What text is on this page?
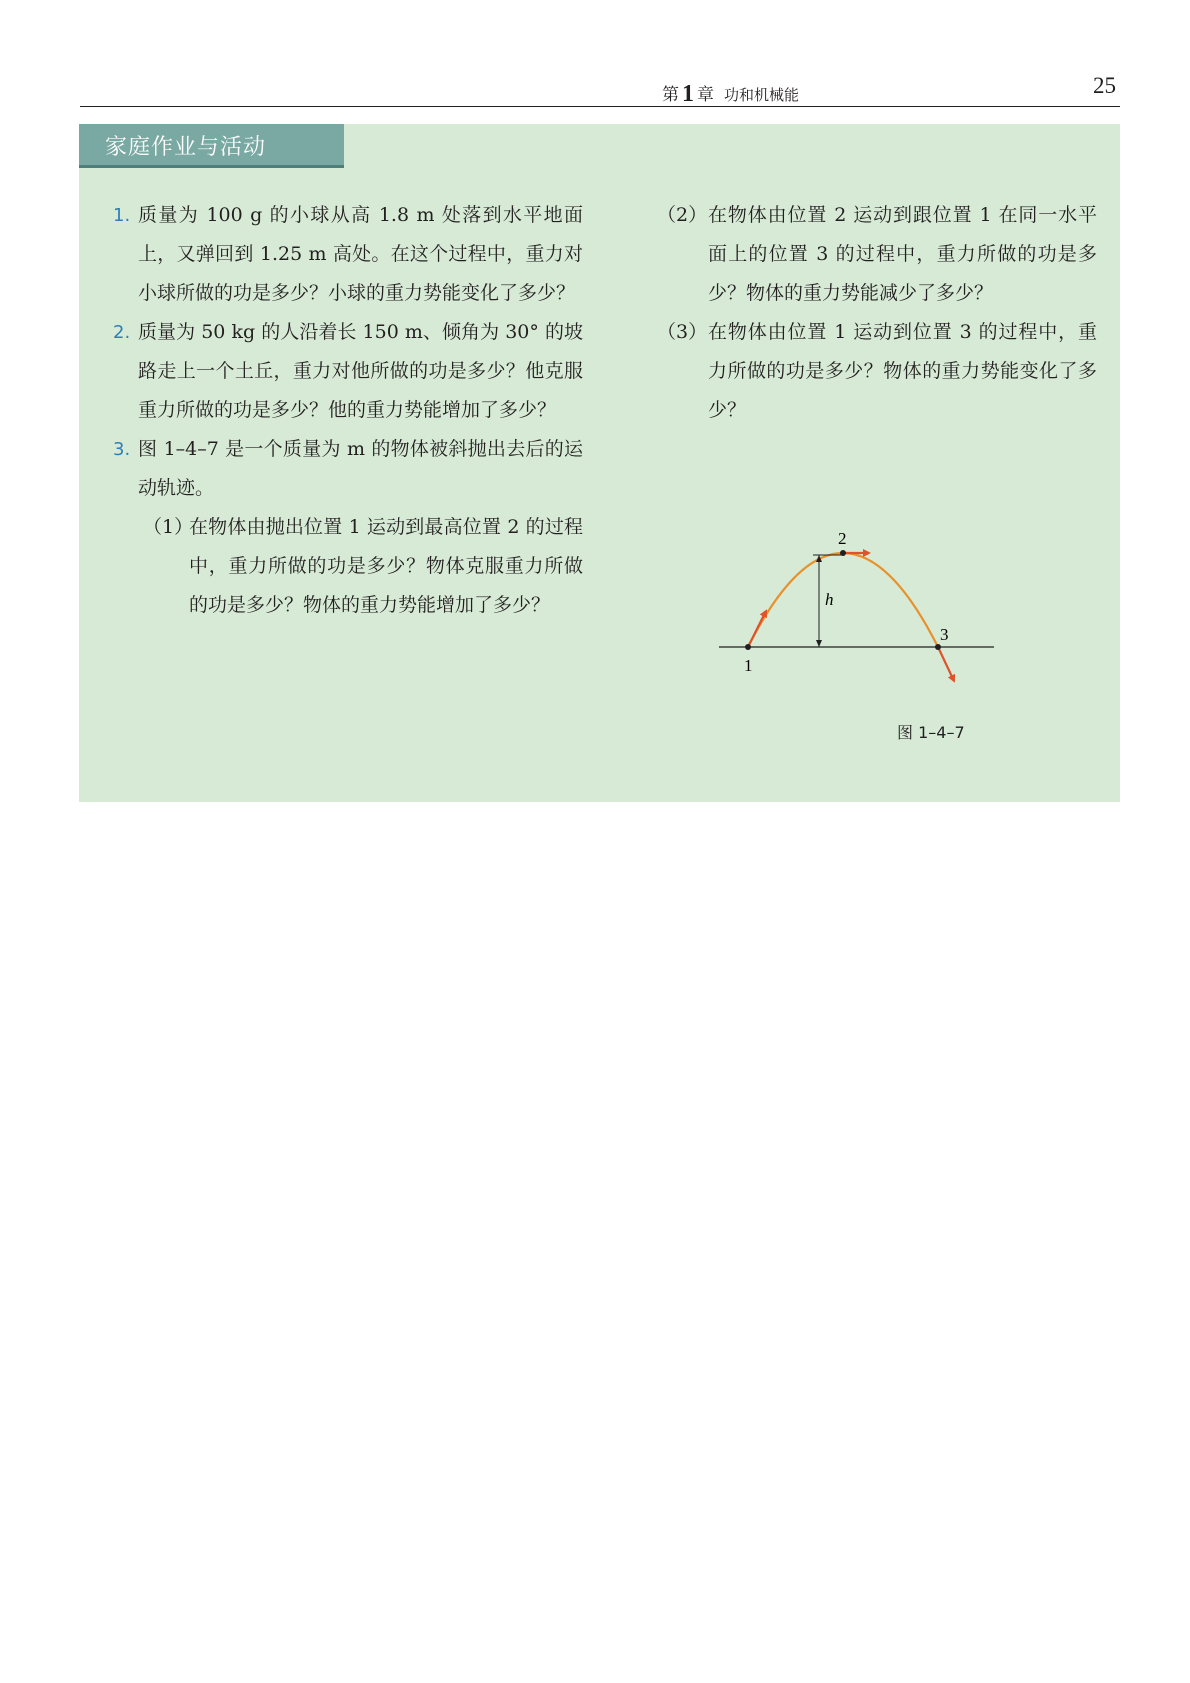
第 1 章 功和机械能	25
家庭作业与活动
1. 质量为 100 g 的小球从高 1.8 m 处落到水平地面上，又弹回到 1.25 m 高处。在这个过程中，重力对小球所做的功是多少？小球的重力势能变化了多少？
2. 质量为 50 kg 的人沿着长 150 m、倾角为 30° 的坡路走上一个土丘，重力对他所做的功是多少？他克服重力所做的功是多少？他的重力势能增加了多少？
3. 图 1–4–7 是一个质量为 m 的物体被斜抛出去后的运动轨迹。
（1）
在物体由抛出位置 1 运动到最高位置 2 的过程中，重力所做的功是多少？物体克服重力所做的功是多少？物体的重力势能增加了多少？
（2） 在物体由位置 2 运动到跟位置 1 在同一水平面上的位置 3 的过程中，重力所做的功是多少？物体的重力势能减少了多少？
（3） 在物体由位置 1 运动到位置 3 的过程中，重力所做的功是多少？物体的重力势能变化了多少？
1
2
3
h
图 1–4–7
